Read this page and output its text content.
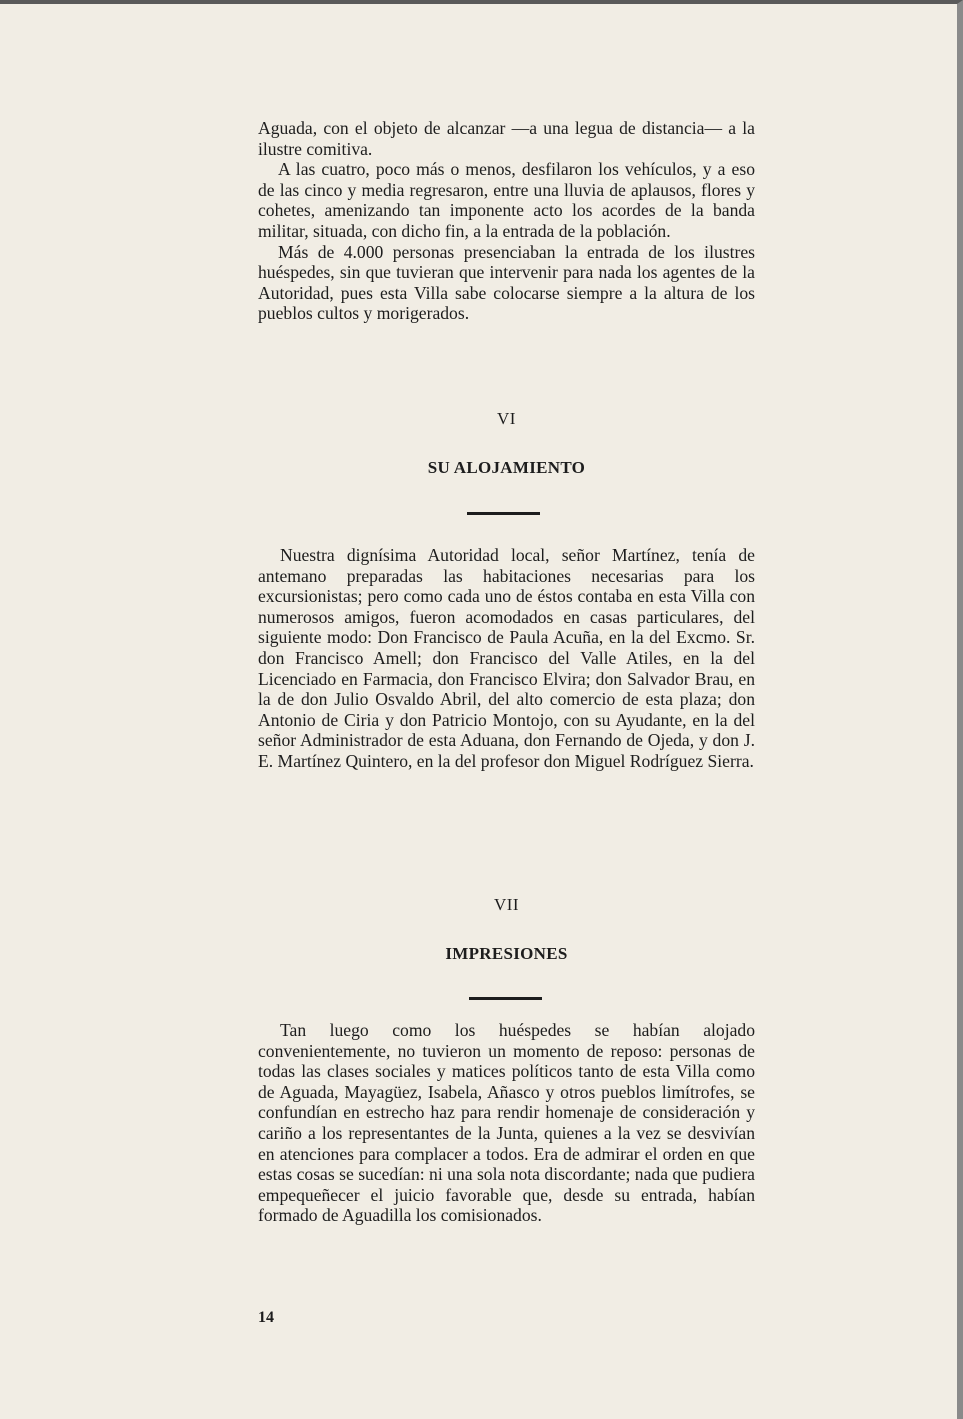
Aguada, con el objeto de alcanzar —a una legua de distancia— a la ilustre comitiva.

A las cuatro, poco más o menos, desfilaron los vehículos, y a eso de las cinco y media regresaron, entre una lluvia de aplausos, flores y cohetes, amenizando tan imponente acto los acordes de la banda militar, situada, con dicho fin, a la entrada de la población.

Más de 4.000 personas presenciaban la entrada de los ilustres huéspedes, sin que tuvieran que intervenir para nada los agentes de la Autoridad, pues esta Villa sabe colocarse siempre a la altura de los pueblos cultos y morigerados.

VI
SU ALOJAMIENTO

Nuestra dignísima Autoridad local, señor Martínez, tenía de antemano preparadas las habitaciones necesarias para los excursionistas; pero como cada uno de éstos contaba en esta Villa con numerosos amigos, fueron acomodados en casas particulares, del siguiente modo: Don Francisco de Paula Acuña, en la del Excmo. Sr. don Francisco Amell; don Francisco del Valle Atiles, en la del Licenciado en Farmacia, don Francisco Elvira; don Salvador Brau, en la de don Julio Osvaldo Abril, del alto comercio de esta plaza; don Antonio de Ciria y don Patricio Montojo, con su Ayudante, en la del señor Administrador de esta Aduana, don Fernando de Ojeda, y don J. E. Martínez Quintero, en la del profesor don Miguel Rodríguez Sierra.

VII
IMPRESIONES

Tan luego como los huéspedes se habían alojado convenientemente, no tuvieron un momento de reposo: personas de todas las clases sociales y matices políticos tanto de esta Villa como de Aguada, Mayagüez, Isabela, Añasco y otros pueblos limítrofes, se confundían en estrecho haz para rendir homenaje de consideración y cariño a los representantes de la Junta, quienes a la vez se desvivían en atenciones para complacer a todos. Era de admirar el orden en que estas cosas se sucedían: ni una sola nota discordante; nada que pudiera empequeñecer el juicio favorable que, desde su entrada, habían formado de Aguadilla los comisionados.

14
